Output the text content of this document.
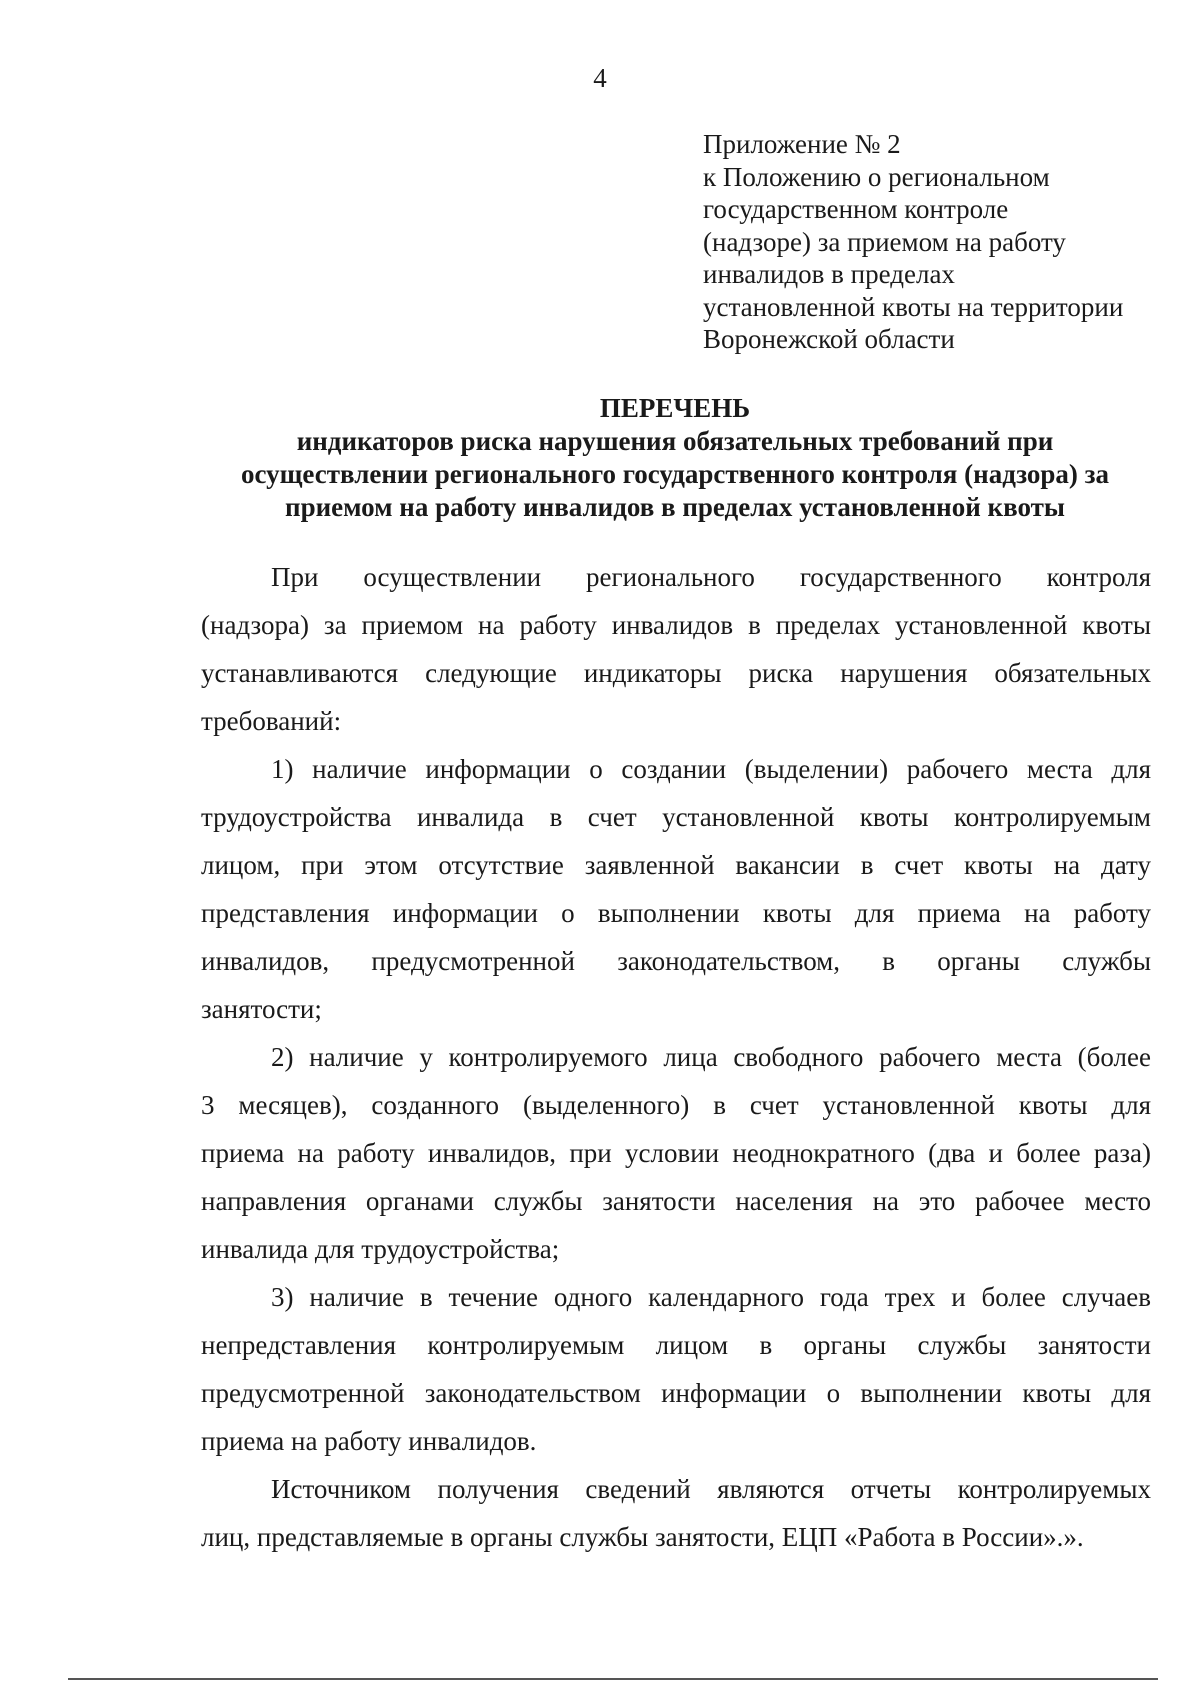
4
Приложение № 2
к Положению о региональном
государственном контроле
(надзоре) за приемом на работу
инвалидов в пределах
установленной квоты на территории
Воронежской области
ПЕРЕЧЕНЬ
индикаторов риска нарушения обязательных требований при
осуществлении регионального государственного контроля (надзора) за
приемом на работу инвалидов в пределах установленной квоты
При осуществлении регионального государственного контроля
(надзора) за приемом на работу инвалидов в пределах установленной квоты
устанавливаются следующие индикаторы риска нарушения обязательных
требований:
1) наличие информации о создании (выделении) рабочего места для
трудоустройства инвалида в счет установленной квоты контролируемым
лицом, при этом отсутствие заявленной вакансии в счет квоты на дату
представления информации о выполнении квоты для приема на работу
инвалидов, предусмотренной законодательством, в органы службы
занятости;
2) наличие у контролируемого лица свободного рабочего места (более
3 месяцев), созданного (выделенного) в счет установленной квоты для
приема на работу инвалидов, при условии неоднократного (два и более раза)
направления органами службы занятости населения на это рабочее место
инвалида для трудоустройства;
3) наличие в течение одного календарного года трех и более случаев
непредставления контролируемым лицом в органы службы занятости
предусмотренной законодательством информации о выполнении квоты для
приема на работу инвалидов.
Источником получения сведений являются отчеты контролируемых
лиц, представляемые в органы службы занятости, ЕЦП «Работа в России».».
